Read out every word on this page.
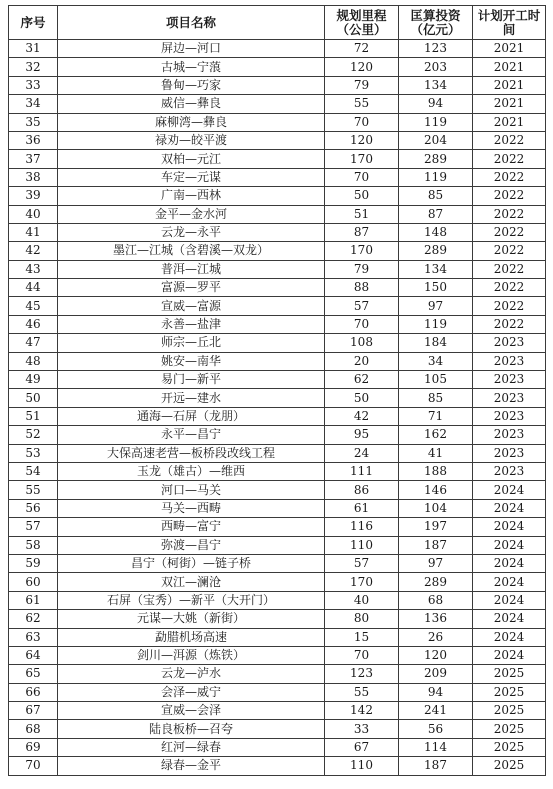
序号	项目名称	规划里程（公里）	匡算投资（亿元）	计划开工时间
31	屏边—河口	72	123	2021
32	古城—宁蒗	120	203	2021
33	鲁甸—巧家	79	134	2021
34	威信—彝良	55	94	2021
35	麻柳湾—彝良	70	119	2021
36	禄劝—皎平渡	120	204	2022
37	双柏—元江	170	289	2022
38	车定—元谋	70	119	2022
39	广南—西林	50	85	2022
40	金平—金水河	51	87	2022
41	云龙—永平	87	148	2022
42	墨江—江城（含碧溪—双龙）	170	289	2022
43	普洱—江城	79	134	2022
44	富源—罗平	88	150	2022
45	宣威—富源	57	97	2022
46	永善—盐津	70	119	2022
47	师宗—丘北	108	184	2023
48	姚安—南华	20	34	2023
49	易门—新平	62	105	2023
50	开远—建水	50	85	2023
51	通海—石屏（龙朋）	42	71	2023
52	永平—昌宁	95	162	2023
53	大保高速老营—板桥段改线工程	24	41	2023
54	玉龙（雄古）—维西	111	188	2023
55	河口—马关	86	146	2024
56	马关—西畴	61	104	2024
57	西畴—富宁	116	197	2024
58	弥渡—昌宁	110	187	2024
59	昌宁（柯街）—链子桥	57	97	2024
60	双江—澜沧	170	289	2024
61	石屏（宝秀）—新平（大开门）	40	68	2024
62	元谋—大姚（新街）	80	136	2024
63	勐腊机场高速	15	26	2024
64	剑川—洱源（炼铁）	70	120	2024
65	云龙—泸水	123	209	2025
66	会泽—威宁	55	94	2025
67	宣威—会泽	142	241	2025
68	陆良板桥—召夸	33	56	2025
69	红河—绿春	67	114	2025
70	绿春—金平	110	187	2025
